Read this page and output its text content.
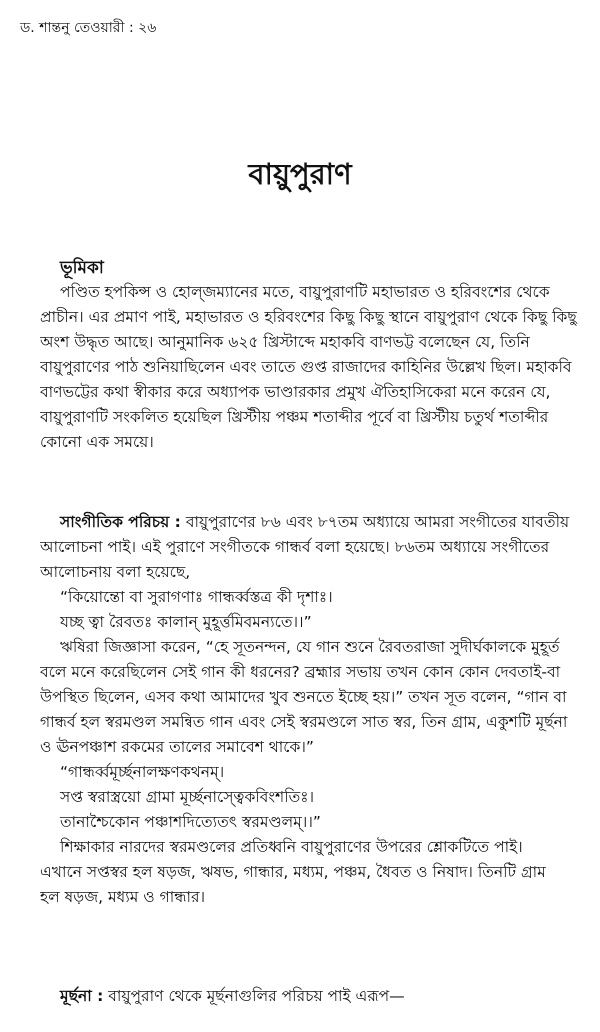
ড. শান্তনু তেওয়ারী : ২৬
বায়ুপুরাণ
ভূমিকা

পণ্ডিত হপকিন্স ও হোল্জম্যানের মতে, বায়ুপুরাণটি মহাভারত ও হরিবংশের থেকে
প্রাচীন। এর প্রমাণ পাই, মহাভারত ও হরিবংশের কিছু কিছু স্থানে বায়ুপুরাণ থেকে কিছু কিছু
অংশ উদ্ধৃত আছে। আনুমানিক ৬২৫ খ্রিস্টাব্দে মহাকবি বাণভট্ট বলেছেন যে, তিনি
বায়ুপুরাণের পাঠ শুনিয়াছিলেন এবং তাতে গুপ্ত রাজাদের কাহিনির উল্লেখ ছিল। মহাকবি
বাণভট্টের কথা স্বীকার করে অধ্যাপক ভাণ্ডারকার প্রমুখ ঐতিহাসিকেরা মনে করেন যে,
বায়ুপুরাণটি সংকলিত হয়েছিল খ্রিস্টীয় পঞ্চম শতাব্দীর পূর্বে বা খ্রিস্টীয় চতুর্থ শতাব্দীর
কোনো এক সময়ে।

সাংগীতিক পরিচয় : বায়ুপুরাণের ৮৬ এবং ৮৭তম অধ্যায়ে আমরা সংগীতের যাবতীয়
আলোচনা পাই। এই পুরাণে সংগীতকে গান্ধর্ব বলা হয়েছে। ৮৬তম অধ্যায়ে সংগীতের
আলোচনায় বলা হয়েছে,
“কিয়োন্তো বা সুরাগণাঃ গান্ধর্ব্বস্তত্র কী দৃশাঃ।
যচ্ছ ত্বা রৈবতঃ কালান্ মুহূর্ত্তমিবমন্যতে।।”
ঋষিরা জিজ্ঞাসা করেন, “হে সূতনন্দন, যে গান শুনে রৈবতরাজা সুদীর্ঘকালকে মুহূর্ত
বলে মনে করেছিলেন সেই গান কী ধরনের? ব্রহ্মার সভায় তখন কোন কোন দেবতাই-বা
উপস্থিত ছিলেন, এসব কথা আমাদের খুব শুনতে ইচ্ছে হয়।” তখন সূত বলেন, “গান বা
গান্ধর্ব হল স্বরমণ্ডল সমন্বিত গান এবং সেই স্বরমণ্ডলে সাত স্বর, তিন গ্রাম, একুশটি মূর্ছনা
ও ঊনপঞ্চাশ রকমের তালের সমাবেশ থাকে।”
“গান্ধর্ব্বমূর্চ্ছনালক্ষণকথনম্।
সপ্ত স্বরাস্ত্রয়ো গ্রামা মূর্চ্ছনাস্ত্বেকবিংশতিঃ।
তানাশ্চৈকোন পঞ্চাশদিত্যেতৎ স্বরমণ্ডলম্।।”
শিক্ষাকার নারদের স্বরমণ্ডলের প্রতিধ্বনি বায়ুপুরাণের উপরের শ্লোকটিতে পাই।
এখানে সপ্তস্বর হল ষড়জ, ঋষভ, গান্ধার, মধ্যম, পঞ্চম, ধৈবত ও নিষাদ। তিনটি গ্রাম
হল ষড়জ, মধ্যম ও গান্ধার।

মূর্ছনা : বায়ুপুরাণ থেকে মূর্ছনাগুলির পরিচয় পাই এরূপ—
